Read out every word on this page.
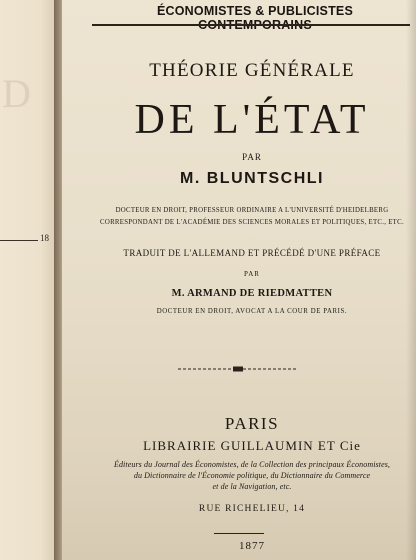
D
18
ÉCONOMISTES & PUBLICISTES
THÉORIE GÉNÉRALE
DE L'ÉTAT
PAR
M. BLUNTSCHLI
DOCTEUR EN DROIT, PROFESSEUR ORDINAIRE A L'UNIVERSITÉ D'HEIDELBERG
CORRESPONDANT DE L'ACADÉMIE DES SCIENCES MORALES ET POLITIQUES, ETC., ETC.
TRADUIT DE L'ALLEMAND ET PRÉCÉDÉ D'UNE PRÉFACE
PAR
M. ARMAND DE RIEDMATTEN
DOCTEUR EN DROIT, AVOCAT A LA COUR DE PARIS.
PARIS
LIBRAIRIE GUILLAUMIN ET Cie
Éditeurs du Journal des Économistes, de la Collection des principaux Économistes,
du Dictionnaire de l'Économie politique, du Dictionnaire du Commerce
et de la Navigation, etc.
RUE RICHELIEU, 14
1877
